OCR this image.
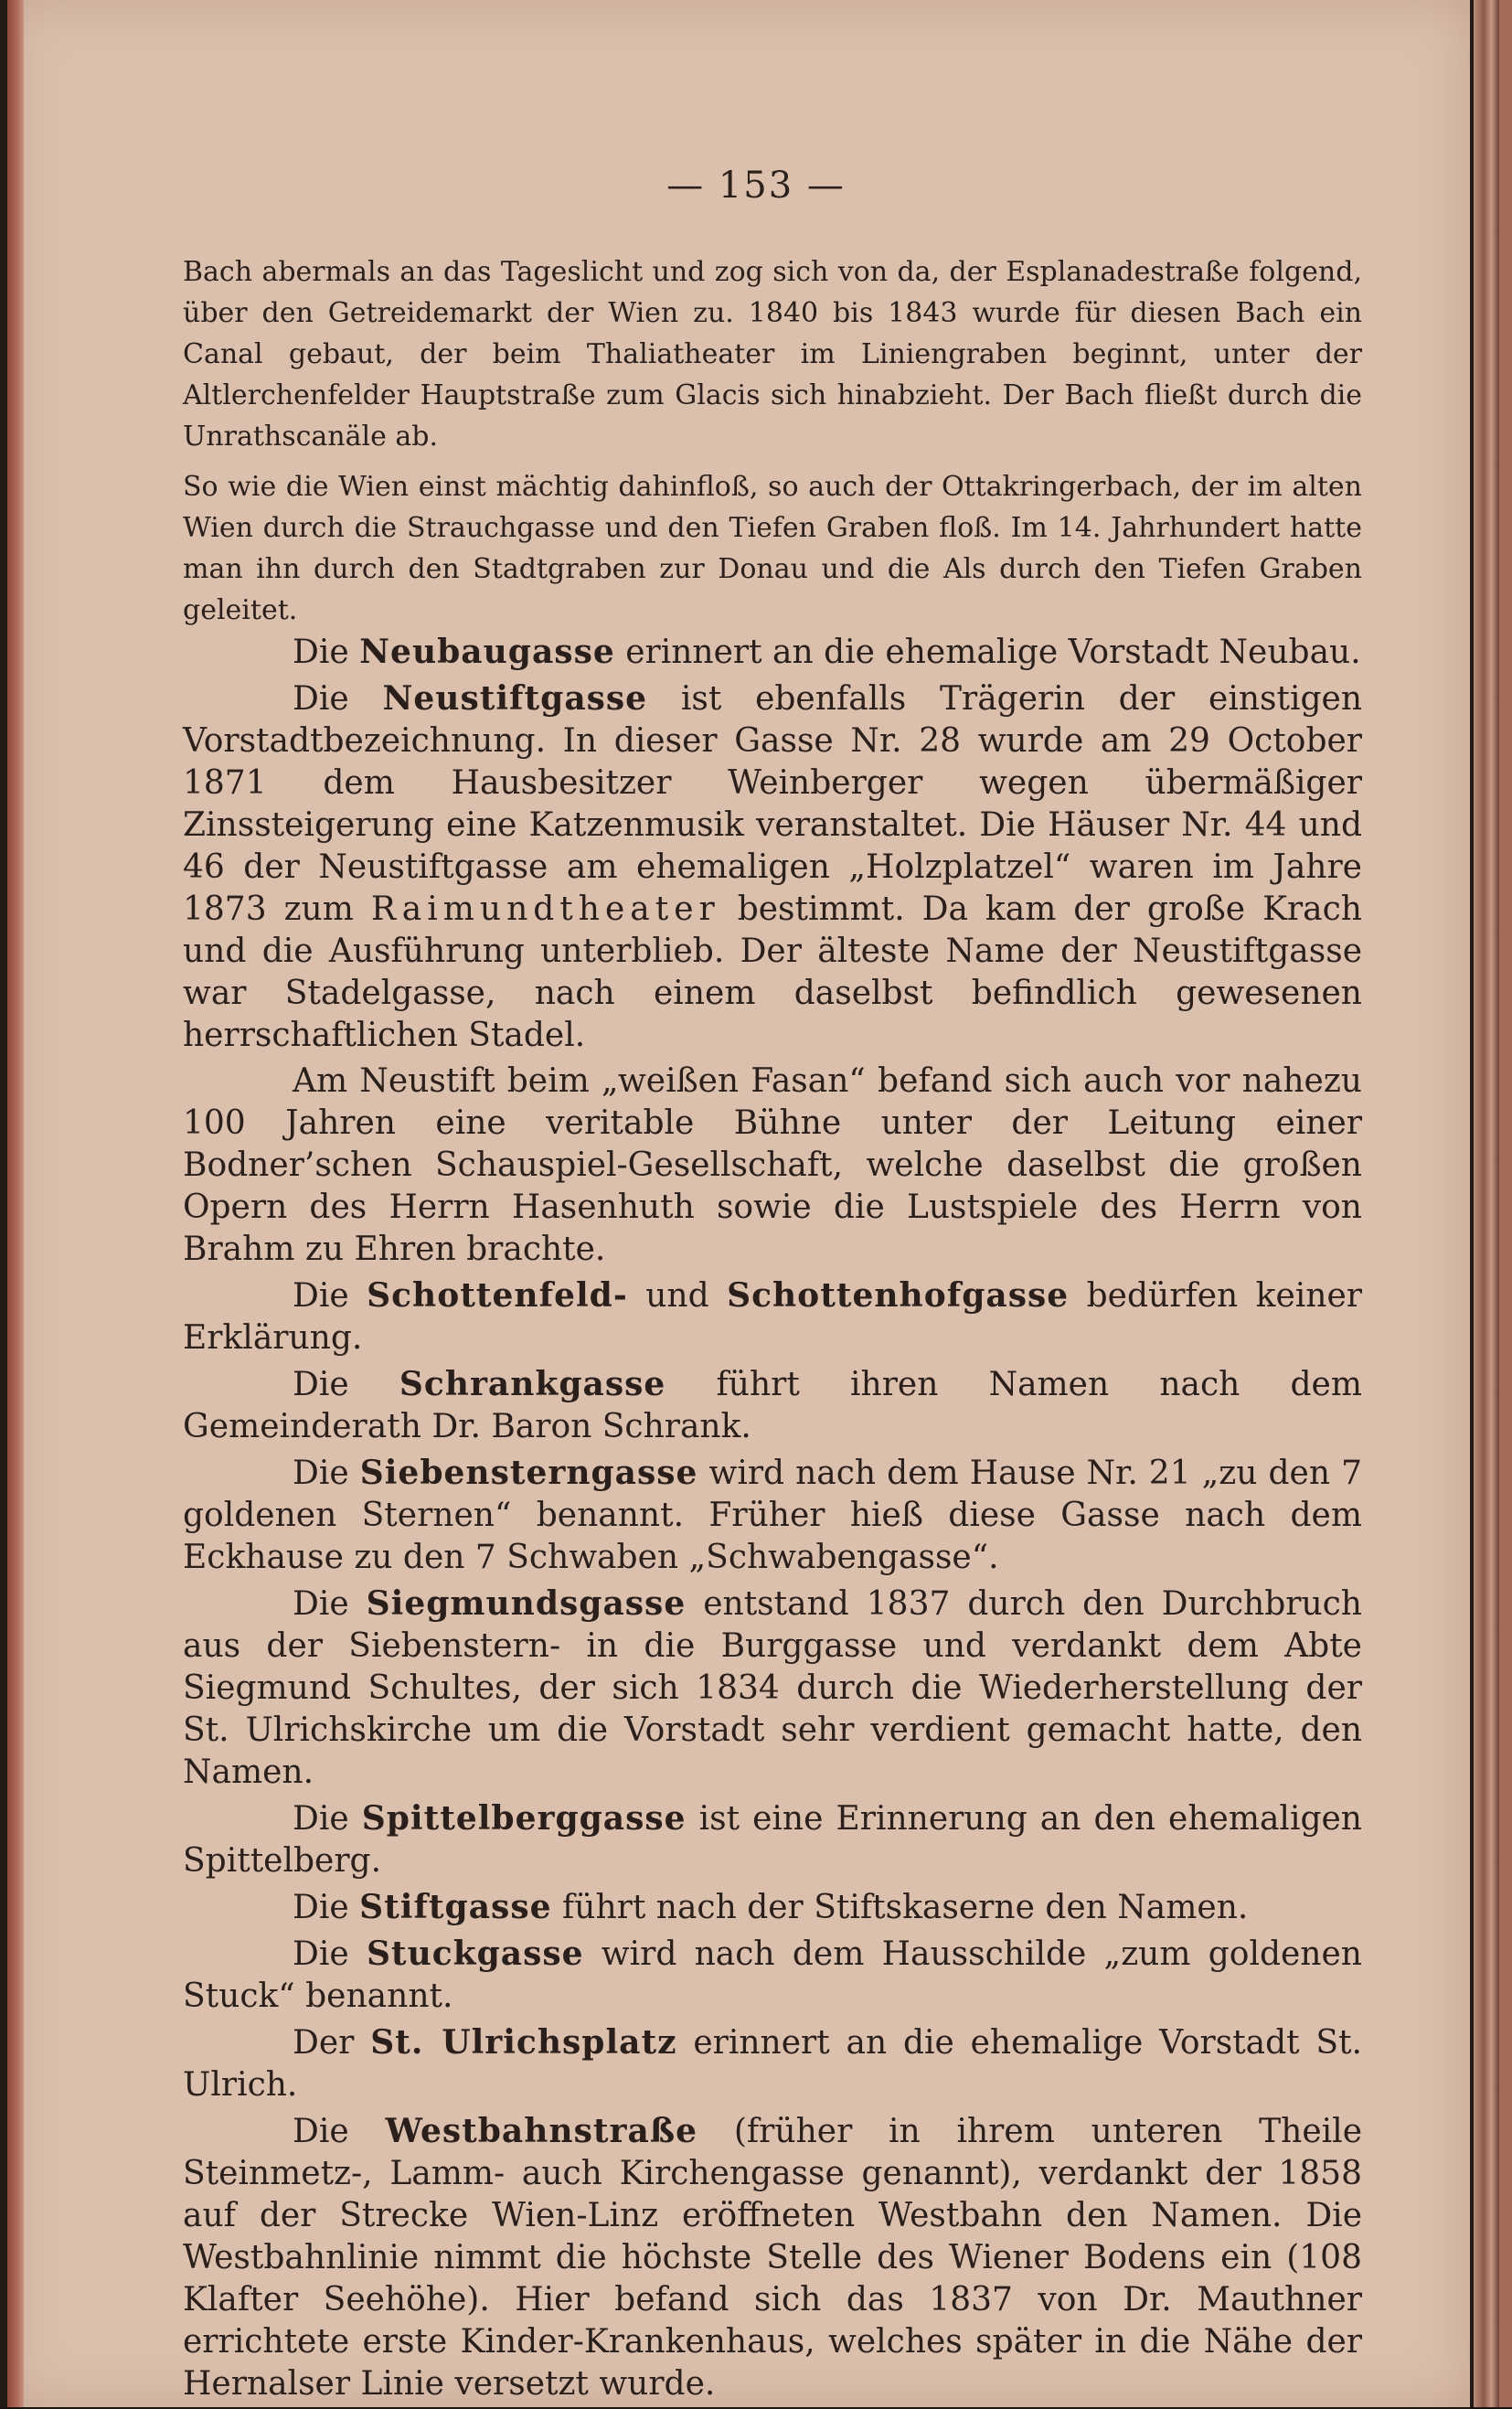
— 153 —

Bach abermals an das Tageslicht und zog sich von da, der Esplanadestraße folgend, über den Getreidemarkt der Wien zu. 1840 bis 1843 wurde für diesen Bach ein Canal gebaut, der beim Thaliatheater im Liniengraben beginnt, unter der Altlerchenfelder Hauptstraße zum Glacis sich hinabzieht. Der Bach fließt durch die Unrathscanäle ab.

So wie die Wien einst mächtig dahinfloß, so auch der Ottakringerbach, der im alten Wien durch die Strauchgasse und den Tiefen Graben floß. Im 14. Jahrhundert hatte man ihn durch den Stadtgraben zur Donau und die Als durch den Tiefen Graben geleitet.

Die Neubaugasse erinnert an die ehemalige Vorstadt Neubau.

Die Neustiftgasse ist ebenfalls Trägerin der einstigen Vorstadtbezeichnung. In dieser Gasse Nr. 28 wurde am 29 October 1871 dem Hausbesitzer Weinberger wegen übermäßiger Zinssteigerung eine Katzenmusik veranstaltet. Die Häuser Nr. 44 und 46 der Neustiftgasse am ehemaligen „Holzplatzel“ waren im Jahre 1873 zum Raimundtheater bestimmt. Da kam der große Krach und die Ausführung unterblieb. Der älteste Name der Neustiftgasse war Stadelgasse, nach einem daselbst befindlich gewesenen herrschaftlichen Stadel.

Am Neustift beim „weißen Fasan“ befand sich auch vor nahezu 100 Jahren eine veritable Bühne unter der Leitung einer Bodner’schen Schauspiel-Gesellschaft, welche daselbst die großen Opern des Herrn Hasenhuth sowie die Lustspiele des Herrn von Brahm zu Ehren brachte.

Die Schottenfeld- und Schottenhofgasse bedürfen keiner Erklärung.

Die Schrankgasse führt ihren Namen nach dem Gemeinderath Dr. Baron Schrank.

Die Siebensterngasse wird nach dem Hause Nr. 21 „zu den 7 goldenen Sternen“ benannt. Früher hieß diese Gasse nach dem Eckhause zu den 7 Schwaben „Schwabengasse“.

Die Siegmundsgasse entstand 1837 durch den Durchbruch aus der Siebenstern- in die Burggasse und verdankt dem Abte Siegmund Schultes, der sich 1834 durch die Wiederherstellung der St. Ulrichskirche um die Vorstadt sehr verdient gemacht hatte, den Namen.

Die Spittelberggasse ist eine Erinnerung an den ehemaligen Spittelberg.

Die Stiftgasse führt nach der Stiftskaserne den Namen.

Die Stuckgasse wird nach dem Hausschilde „zum goldenen Stuck“ benannt.

Der St. Ulrichsplatz erinnert an die ehemalige Vorstadt St. Ulrich.

Die Westbahnstraße (früher in ihrem unteren Theile Steinmetz-, Lamm- auch Kirchengasse genannt), verdankt der 1858 auf der Strecke Wien-Linz eröffneten Westbahn den Namen. Die Westbahnlinie nimmt die höchste Stelle des Wiener Bodens ein (108 Klafter Seehöhe). Hier befand sich das 1837 von Dr. Mauthner errichtete erste Kinder-Krankenhaus, welches später in die Nähe der Hernalser Linie versetzt wurde.
